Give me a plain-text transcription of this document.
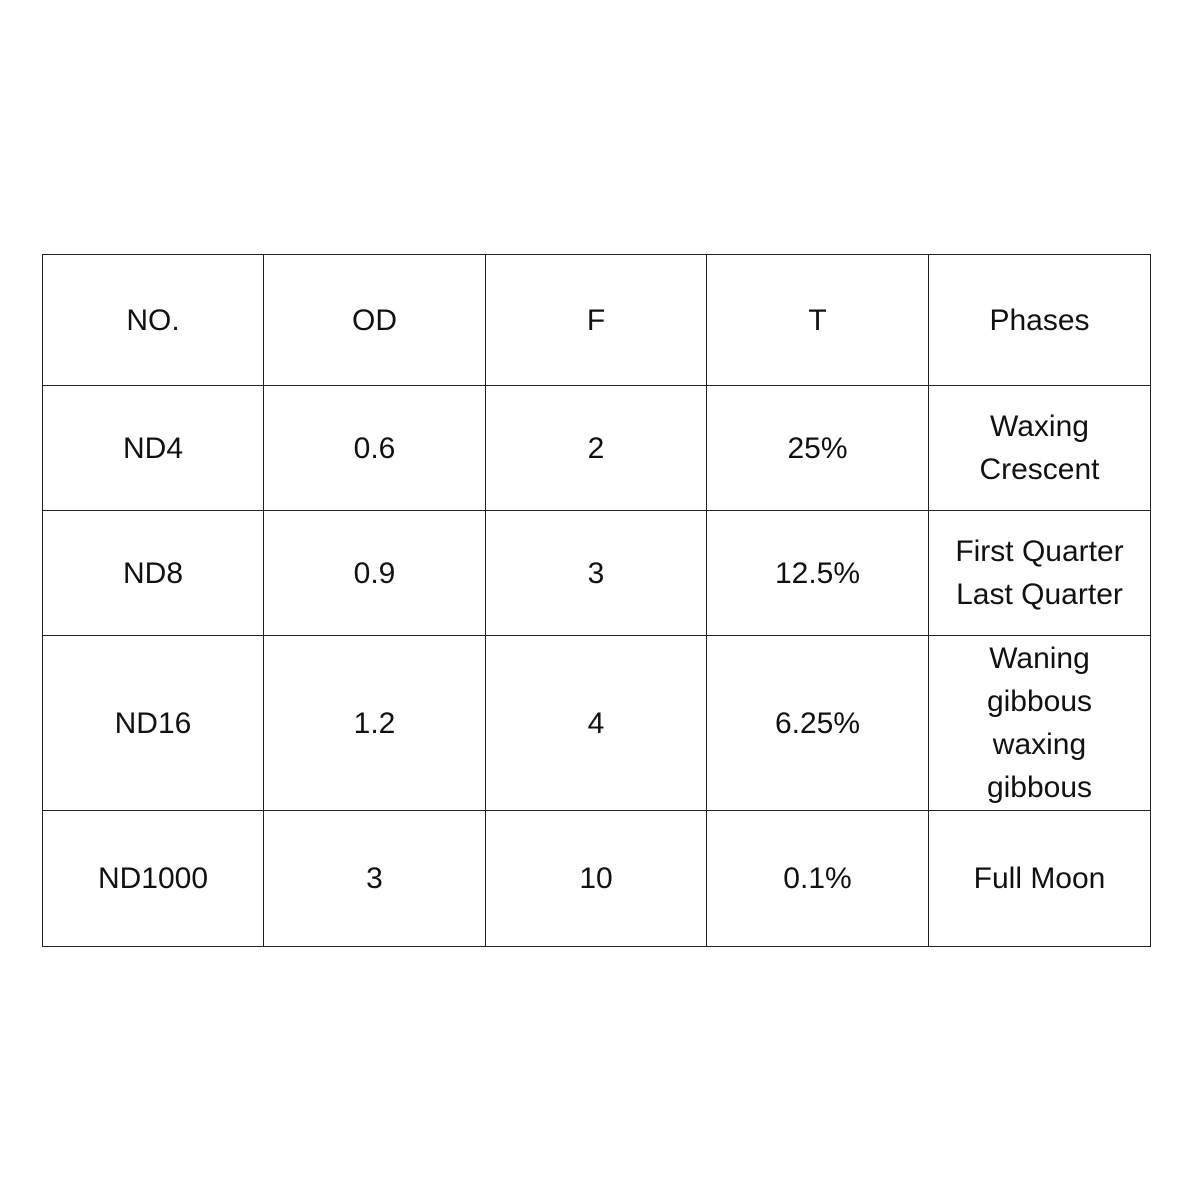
NO.	OD	F	T	Phases
ND4	0.6	2	25%	Waxing
Crescent

ND8	0.9	3	12.5%	First Quarter
Last Quarter

ND16	1.2	4	6.25%	Waning
gibbous
waxing
gibbous

ND1000	3	10	0.1%	Full Moon
